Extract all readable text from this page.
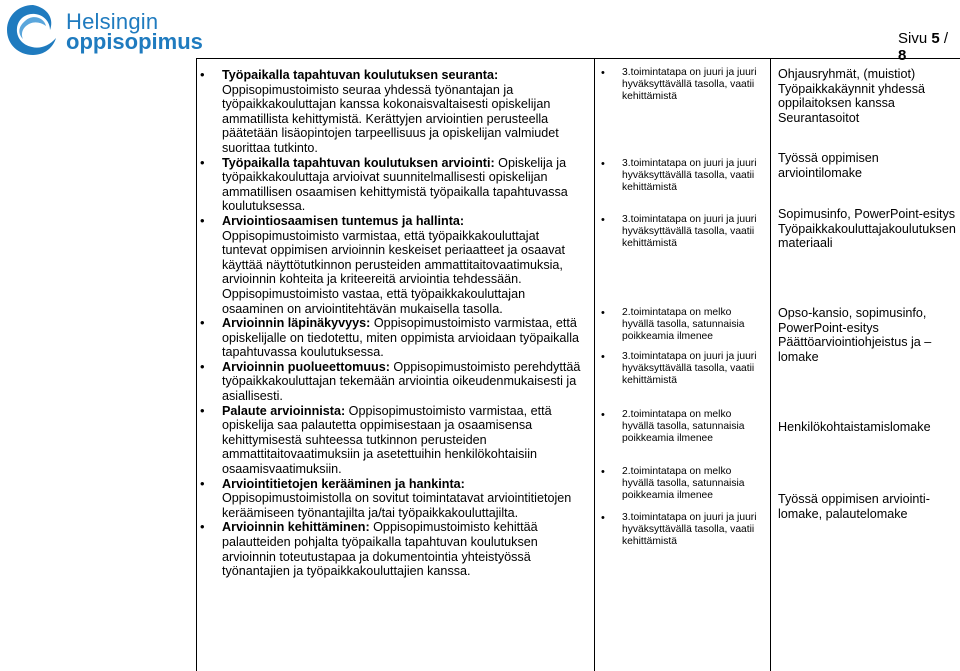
Helsingin
oppisopimus	Sivu 5 / 8
• Työpaikalla tapahtuvan koulutuksen seuranta: Oppisopimustoimisto seuraa yhdessä työnantajan ja työpaikkakouluttajan kanssa kokonaisvaltaisesti opiskelijan ammatillista kehittymistä. Kerättyjen arviointien perusteella päätetään lisäopintojen tarpeellisuus ja opiskelijan valmiudet suorittaa tutkinto.
• Työpaikalla tapahtuvan koulutuksen arviointi: Opiskelija ja työpaikkakouluttaja arvioivat suunnitelmallisesti opiskelijan ammatillisen osaamisen kehittymistä työpaikalla tapahtuvassa koulutuksessa.
• Arviointiosaamisen tuntemus ja hallinta: Oppisopimustoimisto varmistaa, että työpaikkakouluttajat tuntevat oppimisen arvioinnin keskeiset periaatteet ja osaavat käyttää näyttötutkinnon perusteiden ammattitaitovaatimuksia, arvioinnin kohteita ja kriteereitä arviointia tehdessään. Oppisopimustoimisto vastaa, että työpaikkakouluttajan osaaminen on arviointitehtävän mukaisella tasolla.
• Arvioinnin läpinäkyvyys: Oppisopimustoimisto varmistaa, että opiskelijalle on tiedotettu, miten oppimista arvioidaan työpaikalla tapahtuvassa koulutuksessa.
• Arvioinnin puolueettomuus: Oppisopimustoimisto perehdyttää työpaikkakouluttajan tekemään arviointia oikeudenmukaisesti ja asiallisesti.
• Palaute arvioinnista: Oppisopimustoimisto varmistaa, että opiskelija saa palautetta oppimisestaan ja osaamisensa kehittymisestä suhteessa tutkinnon perusteiden ammattitaitovaatimuksiin ja asetettuihin henkilökohtaisiin osaamisvaatimuksiin.
• Arviointitietojen kerääminen ja hankinta: Oppisopimustoimistolla on sovitut toimintatavat arviointitietojen keräämiseen työnantajilta ja/tai työpaikkakouluttajilta.
• Arvioinnin kehittäminen: Oppisopimustoimisto kehittää palautteiden pohjalta työpaikalla tapahtuvan koulutuksen arvioinnin toteutustapaa ja dokumentointia yhteistyössä työnantajien ja työpaikkakouluttajien kanssa.
• 3.toimintatapa on juuri ja juuri hyväksyttävällä tasolla, vaatii kehittämistä
• 3.toimintatapa on juuri ja juuri hyväksyttävällä tasolla, vaatii kehittämistä
• 3.toimintatapa on juuri ja juuri hyväksyttävällä tasolla, vaatii kehittämistä
• 2.toimintatapa on melko hyvällä tasolla, satunnaisia poikkeamia ilmenee
• 3.toimintatapa on juuri ja juuri hyväksyttävällä tasolla, vaatii kehittämistä
• 2.toimintatapa on melko hyvällä tasolla, satunnaisia poikkeamia ilmenee
• 2.toimintatapa on melko hyvällä tasolla, satunnaisia poikkeamia ilmenee
• 3.toimintatapa on juuri ja juuri hyväksyttävällä tasolla, vaatii kehittämistä
Ohjausryhmät, (muistiot) Työpaikkakäynnit yhdessä oppilaitoksen kanssa Seurantasoitot
Työssä oppimisen arviointilomake
Sopimusinfo, PowerPoint-esitys Työpaikkakouluttajakoulutuksen materiaali
Opso-kansio, sopimusinfo, PowerPoint-esitys Päättöarviointiohjeistus ja – lomake
Henkilökohtaistamislomake
Työssä oppimisen arviointi-lomake, palautelomake
